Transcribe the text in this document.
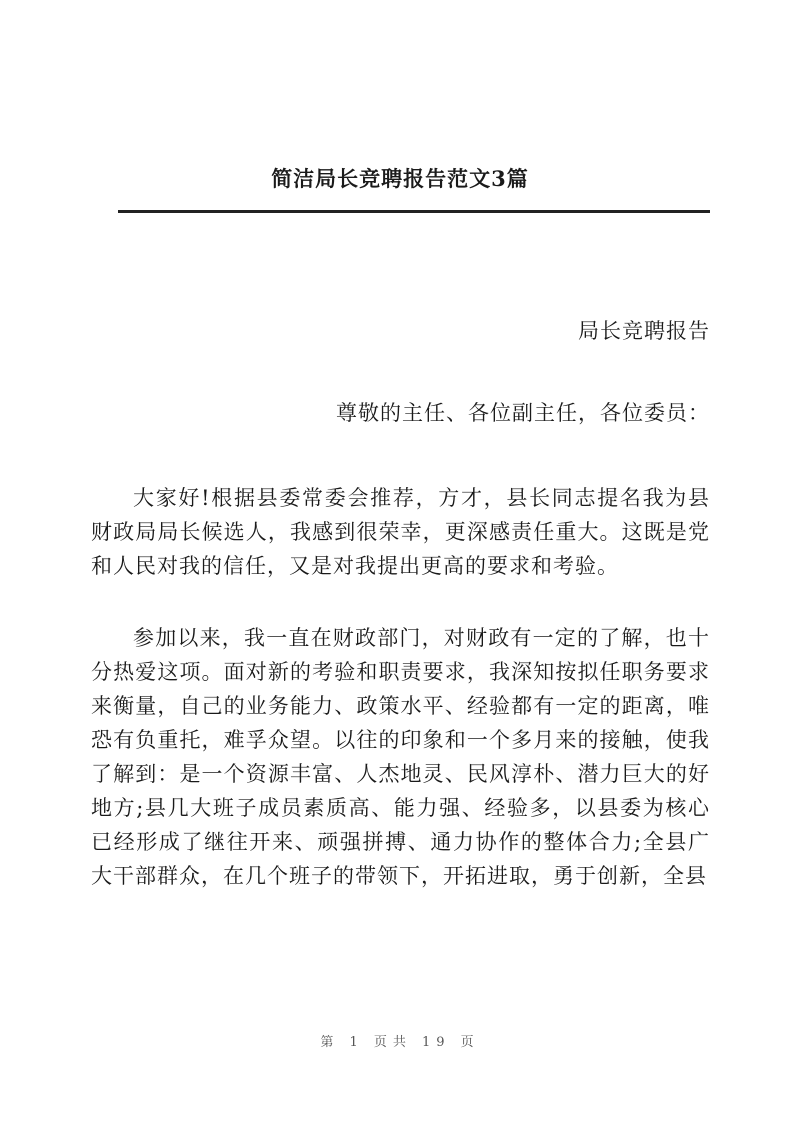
简洁局长竞聘报告范文3篇
局长竞聘报告
尊敬的主任、各位副主任，各位委员：
大家好!根据县委常委会推荐，方才，县长同志提名我为县财政局局长候选人，我感到很荣幸，更深感责任重大。这既是党和人民对我的信任，又是对我提出更高的要求和考验。
参加以来，我一直在财政部门，对财政有一定的了解，也十分热爱这项。面对新的考验和职责要求，我深知按拟任职务要求来衡量，自己的业务能力、政策水平、经验都有一定的距离，唯恐有负重托，难孚众望。以往的印象和一个多月来的接触，使我了解到：是一个资源丰富、人杰地灵、民风淳朴、潜力巨大的好地方;县几大班子成员素质高、能力强、经验多，以县委为核心已经形成了继往开来、顽强拼搏、通力协作的整体合力;全县广大干部群众，在几个班子的带领下，开拓进取，勇于创新，全县
第 1 页共 19 页
